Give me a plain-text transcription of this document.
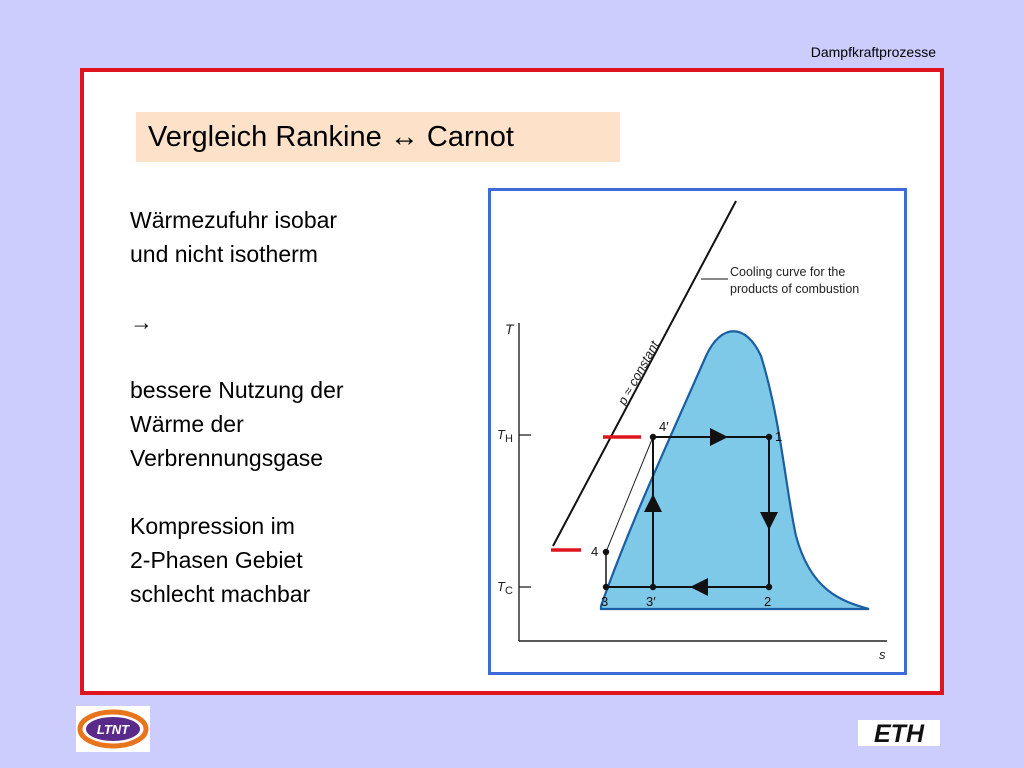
Dampfkraftprozesse
Vergleich Rankine ↔ Carnot

Wärmezufuhr isobar

und nicht isotherm

→

bessere Nutzung der

Wärme der

Verbrennungsgase

Kompression im

2-Phasen Gebiet

schlecht machbar

T
s
$T_H$
$T_C$
p ≈ constant
Cooling curve for the
products of combustion
4′
1
2
3′
3
4
LTNT	ETH
